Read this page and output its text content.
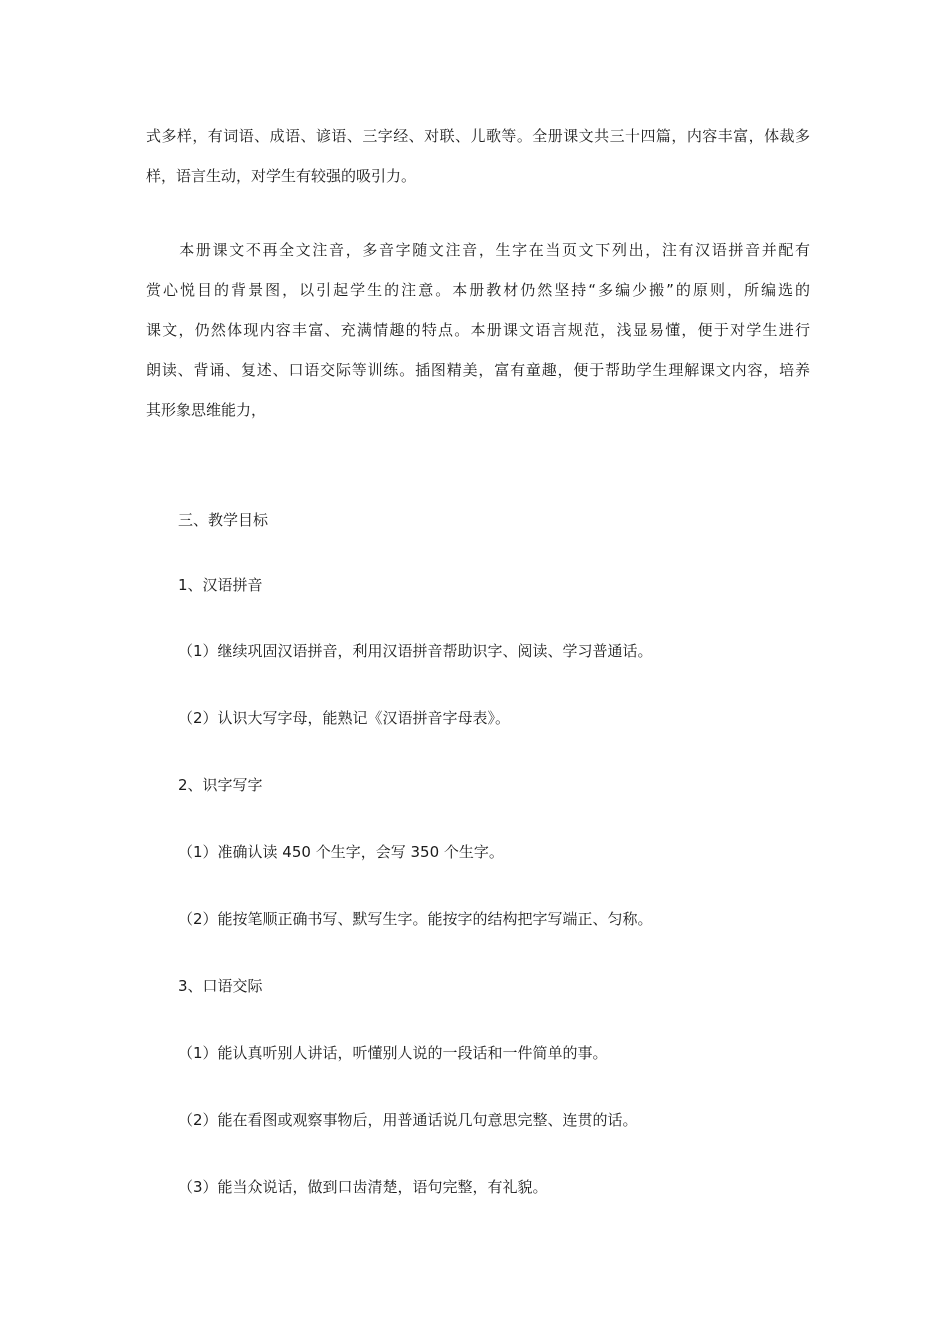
式多样，有词语、成语、谚语、三字经、对联、儿歌等。全册课文共三十四篇，内容丰富，体裁多
样，语言生动，对学生有较强的吸引力。
　　本册课文不再全文注音，多音字随文注音，生字在当页文下列出，注有汉语拼音并配有
赏心悦目的背景图，以引起学生的注意。本册教材仍然坚持“多编少搬”的原则，所编选的
课文，仍然体现内容丰富、充满情趣的特点。本册课文语言规范，浅显易懂，便于对学生进行
朗读、背诵、复述、口语交际等训练。插图精美，富有童趣，便于帮助学生理解课文内容，培养
其形象思维能力，

三、教学目标

1、汉语拼音

（1）继续巩固汉语拼音，利用汉语拼音帮助识字、阅读、学习普通话。

（2）认识大写字母，能熟记《汉语拼音字母表》。

2、识字写字

（1）准确认读 450 个生字，会写 350 个生字。

（2）能按笔顺正确书写、默写生字。能按字的结构把字写端正、匀称。

3、口语交际

（1）能认真听别人讲话，听懂别人说的一段话和一件简单的事。

（2）能在看图或观察事物后，用普通话说几句意思完整、连贯的话。

（3）能当众说话，做到口齿清楚，语句完整，有礼貌。
